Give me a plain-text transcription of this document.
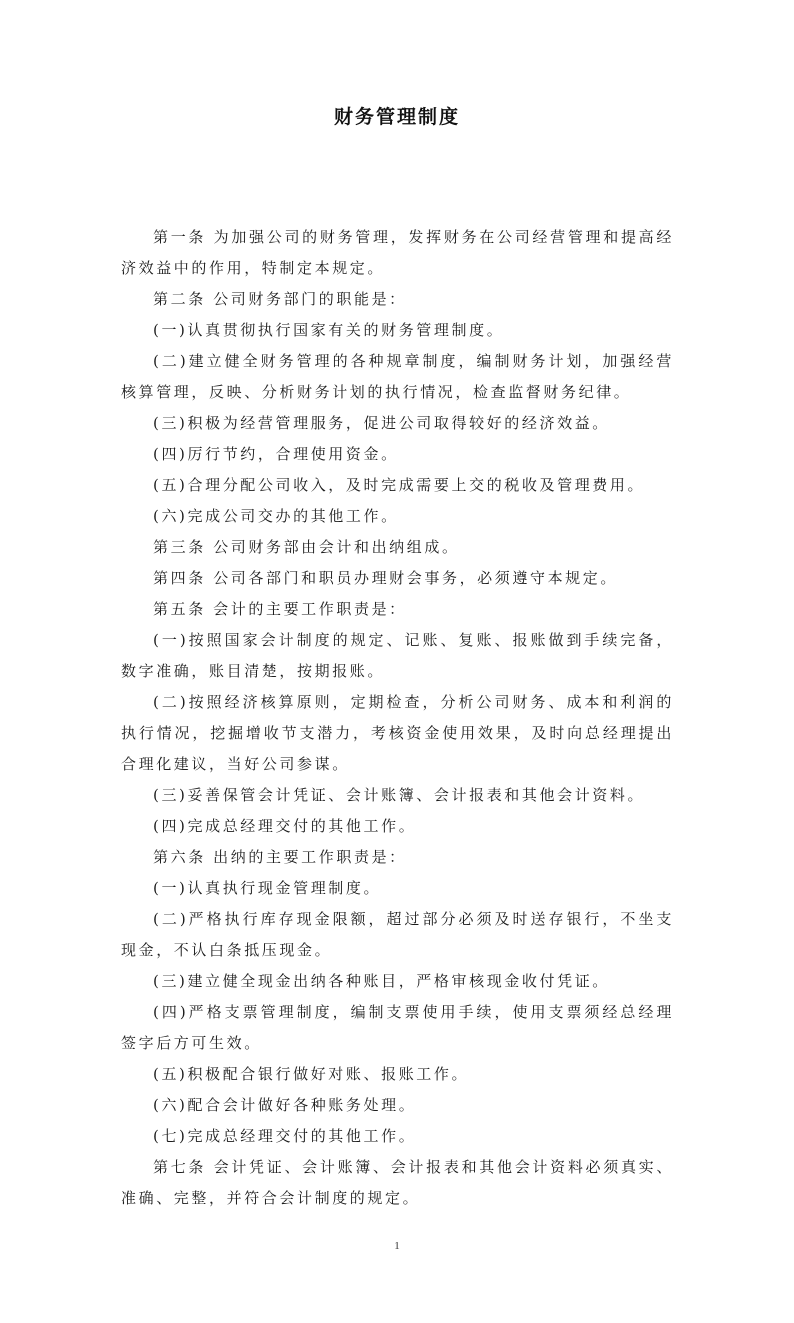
财务管理制度

第一条 为加强公司的财务管理，发挥财务在公司经营管理和提高经济效益中的作用，特制定本规定。

第二条 公司财务部门的职能是：

(一)认真贯彻执行国家有关的财务管理制度。

(二)建立健全财务管理的各种规章制度，编制财务计划，加强经营核算管理，反映、分析财务计划的执行情况，检查监督财务纪律。

(三)积极为经营管理服务，促进公司取得较好的经济效益。

(四)厉行节约，合理使用资金。

(五)合理分配公司收入，及时完成需要上交的税收及管理费用。

(六)完成公司交办的其他工作。

第三条 公司财务部由会计和出纳组成。

第四条 公司各部门和职员办理财会事务，必须遵守本规定。

第五条 会计的主要工作职责是：

(一)按照国家会计制度的规定、记账、复账、报账做到手续完备，数字准确，账目清楚，按期报账。

(二)按照经济核算原则，定期检查，分析公司财务、成本和利润的执行情况，挖掘增收节支潜力，考核资金使用效果，及时向总经理提出合理化建议，当好公司参谋。

(三)妥善保管会计凭证、会计账簿、会计报表和其他会计资料。

(四)完成总经理交付的其他工作。

第六条 出纳的主要工作职责是：

(一)认真执行现金管理制度。

(二)严格执行库存现金限额，超过部分必须及时送存银行，不坐支现金，不认白条抵压现金。

(三)建立健全现金出纳各种账目，严格审核现金收付凭证。

(四)严格支票管理制度，编制支票使用手续，使用支票须经总经理签字后方可生效。

(五)积极配合银行做好对账、报账工作。

(六)配合会计做好各种账务处理。

(七)完成总经理交付的其他工作。

第七条 会计凭证、会计账簿、会计报表和其他会计资料必须真实、准确、完整，并符合会计制度的规定。

1
